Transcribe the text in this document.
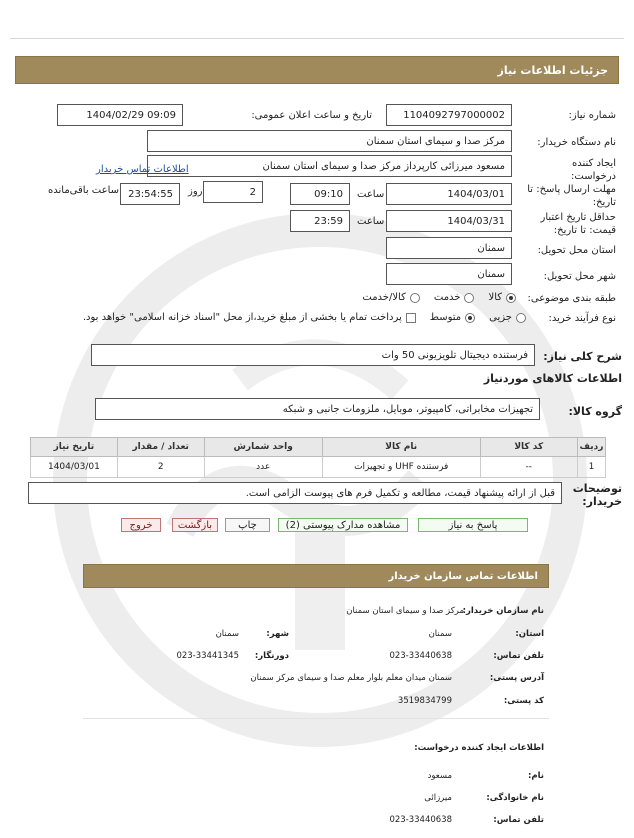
جزئیات اطلاعات نیاز
شماره نیاز:
1104092797000002
تاریخ و ساعت اعلان عمومی:
1404/02/29 09:09
نام دستگاه خریدار:
مرکز صدا و سیمای استان سمنان
ایجاد کننده درخواست:
مسعود میرزائی کارپرداز مرکز صدا و سیمای استان سمنان
اطلاعات تماس خریدار
مهلت ارسال پاسخ: تا تاریخ:
1404/03/01
ساعت
09:10
2
روز
23:54:55
ساعت باقی‌مانده
حداقل تاریخ اعتبار قیمت: تا تاریخ:
1404/03/31
ساعت
23:59
استان محل تحویل:
سمنان
شهر محل تحویل:
سمنان
طبقه بندی موضوعی:
کالا
خدمت
کالا/خدمت
نوع فرآیند خرید:
جزیی
متوسط
پرداخت تمام یا بخشی از مبلغ خرید،از محل "اسناد خزانه اسلامی" خواهد بود.
شرح کلی نیاز:
فرستنده دیجیتال تلویزیونی 50 وات
اطلاعات کالاهای موردنیاز
گروه کالا:
تجهیزات مخابراتی، کامپیوتر، موبایل، ملزومات جانبی و شبکه
ردیف	کد کالا	نام کالا	واحد شمارش	تعداد / مقدار	تاریخ نیاز
1	--	فرستنده UHF و تجهیزات	عدد	2	1404/03/01
توضیحات خریدار:
قبل از ارائه پیشنهاد قیمت، مطالعه و تکمیل فرم های پیوست الزامی است.
پاسخ به نیاز
مشاهده مدارک پیوستی (2)
چاپ
بازگشت
خروج
اطلاعات تماس سازمان خریدار
نام سازمان خریدار:
مرکز صدا و سیمای استان سمنان
استان:
سمنان
شهر:
سمنان
تلفن تماس:
023-33440638
دورنگار:
023-33441345
آدرس پستی:
سمنان میدان معلم بلوار معلم صدا و سیمای مرکز سمنان
کد پستی:
3519834799
اطلاعات ایجاد کننده درخواست:
نام:
مسعود
نام خانوادگی:
میرزائی
تلفن تماس:
023-33440638
